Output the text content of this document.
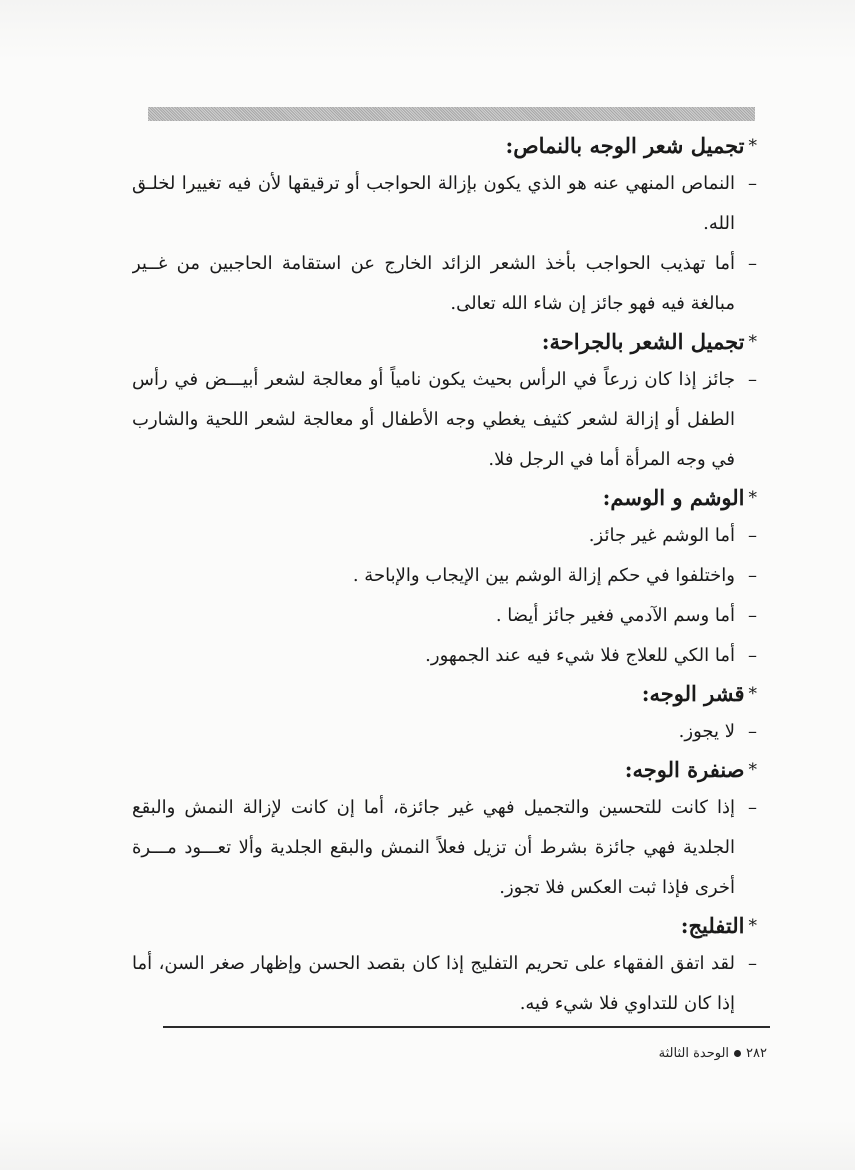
*تجميل شعر الوجه بالنماص:
–
النماص المنهي عنه هو الذي يكون بإزالة الحواجب أو ترقيقها لأن فيه تغييرا لخلـق
الله.
–
أما تهذيب الحواجب بأخذ الشعر الزائد الخارج عن استقامة الحاجبين من غــير
مبالغة فيه فهو جائز إن شاء الله تعالى.
*تجميل الشعر بالجراحة:
–
جائز إذا كان زرعاً في الرأس بحيث يكون نامياً أو معالجة لشعر أبيـــض في رأس
الطفل أو إزالة لشعر كثيف يغطي وجه الأطفال أو معالجة لشعر اللحية والشارب
في وجه المرأة أما في الرجل فلا.
*الوشم و الوسم:
–
أما الوشم غير جائز.
–
واختلفوا في حكم إزالة الوشم بين الإيجاب والإباحة .
–
أما وسم الآدمي فغير جائز أيضا .
–
أما الكي للعلاج فلا شيء فيه عند الجمهور.
*قشر الوجه:
–
لا يجوز.
*صنفرة الوجه:
–
إذا كانت للتحسين والتجميل فهي غير جائزة، أما إن كانت لإزالة النمش والبقع
الجلدية فهي جائزة بشرط أن تزيل فعلاً النمش والبقع الجلدية وألا تعـــود مـــرة
أخرى فإذا ثبت العكس فلا تجوز.
*التفليج:
–
لقد اتفق الفقهاء على تحريم التفليج إذا كان بقصد الحسن وإظهار صغر السن، أما
إذا كان للتداوي فلا شيء فيه.
٢٨٢الوحدة الثالثة
